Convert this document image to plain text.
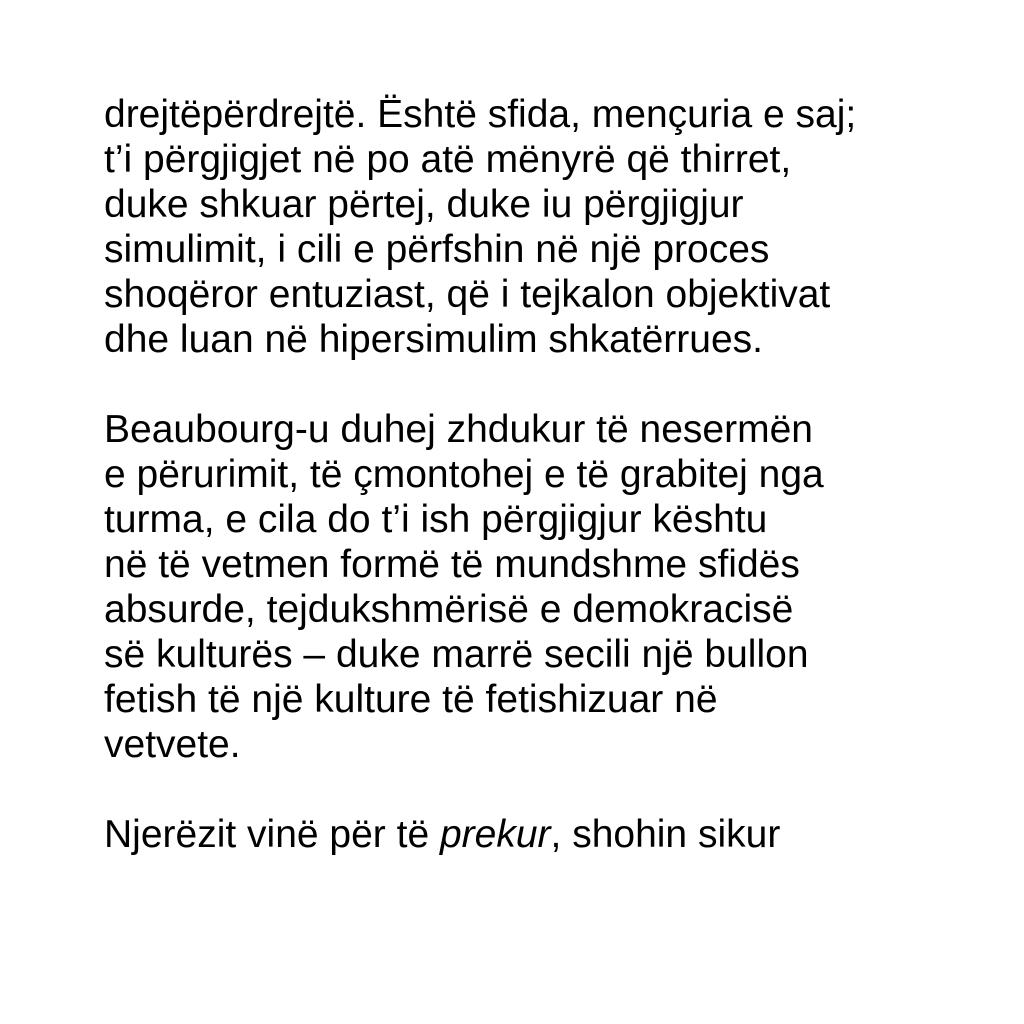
drejtëpërdrejtë. Është sfida, mençuria e saj;
t’i përgjigjet në po atë mënyrë që thirret,
duke shkuar përtej, duke iu përgjigjur
simulimit, i cili e përfshin në një proces
shoqëror entuziast, që i tejkalon objektivat
dhe luan në hipersimulim shkatërrues.
Beaubourg-u duhej zhdukur të nesermën
e përurimit, të çmontohej e të grabitej nga
turma, e cila do t’i ish përgjigjur kështu
në të vetmen formë të mundshme sfidës
absurde, tejdukshmërisë e demokracisë
së kulturës – duke marrë secili një bullon
fetish të një kulture të fetishizuar në
vetvete.
Njerëzit vinë për të prekur, shohin sikur
